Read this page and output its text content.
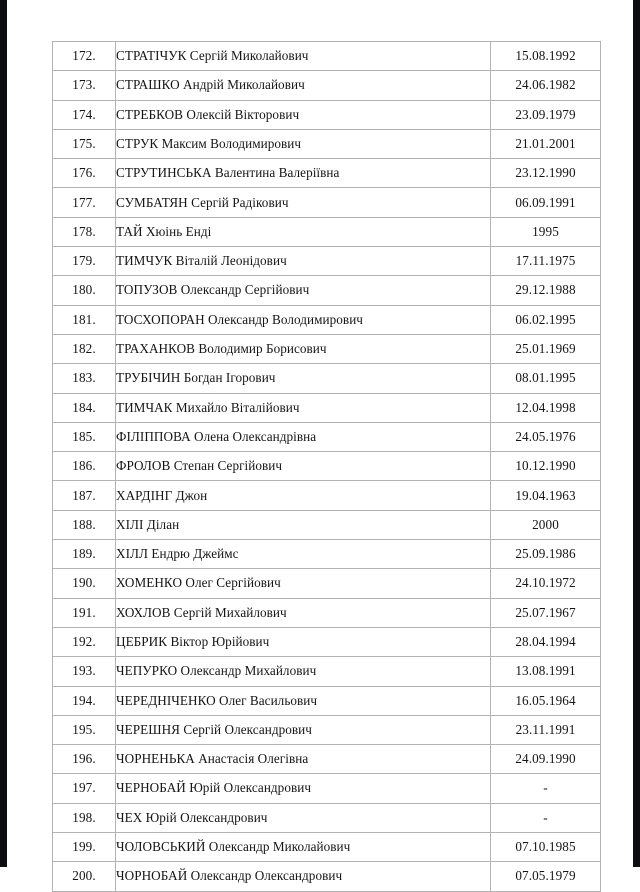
172.	СТРАТІЧУК Сергій Миколайович	15.08.1992
173.	СТРАШКО Андрій Миколайович	24.06.1982
174.	СТРЕБКОВ Олексій Вікторович	23.09.1979
175.	СТРУК Максим Володимирович	21.01.2001
176.	СТРУТИНСЬКА Валентина Валеріївна	23.12.1990
177.	СУМБАТЯН Сергій Радікович	06.09.1991
178.	ТАЙ Хюінь Енді	1995
179.	ТИМЧУК Віталій Леонідович	17.11.1975
180.	ТОПУЗОВ Олександр Сергійович	29.12.1988
181.	ТОСХОПОРАН Олександр Володимирович	06.02.1995
182.	ТРАХАНКОВ Володимир Борисович	25.01.1969
183.	ТРУБІЧИН Богдан Ігорович	08.01.1995
184.	ТИМЧАК Михайло Віталійович	12.04.1998
185.	ФІЛІППОВА Олена Олександрівна	24.05.1976
186.	ФРОЛОВ Степан Сергійович	10.12.1990
187.	ХАРДІНГ Джон	19.04.1963
188.	ХІЛІ Ділан	2000
189.	ХІЛЛ Ендрю Джеймс	25.09.1986
190.	ХОМЕНКО Олег Сергійович	24.10.1972
191.	ХОХЛОВ Сергій Михайлович	25.07.1967
192.	ЦЕБРИК Віктор Юрійович	28.04.1994
193.	ЧЕПУРКО Олександр Михайлович	13.08.1991
194.	ЧЕРЕДНІЧЕНКО Олег Васильович	16.05.1964
195.	ЧЕРЕШНЯ Сергій Олександрович	23.11.1991
196.	ЧОРНЕНЬКА Анастасія Олегівна	24.09.1990
197.	ЧЕРНОБАЙ Юрій Олександрович	-
198.	ЧЕХ Юрій Олександрович	-
199.	ЧОЛОВСЬКИЙ Олександр Миколайович	07.10.1985
200.	ЧОРНОБАЙ Олександр Олександрович	07.05.1979
